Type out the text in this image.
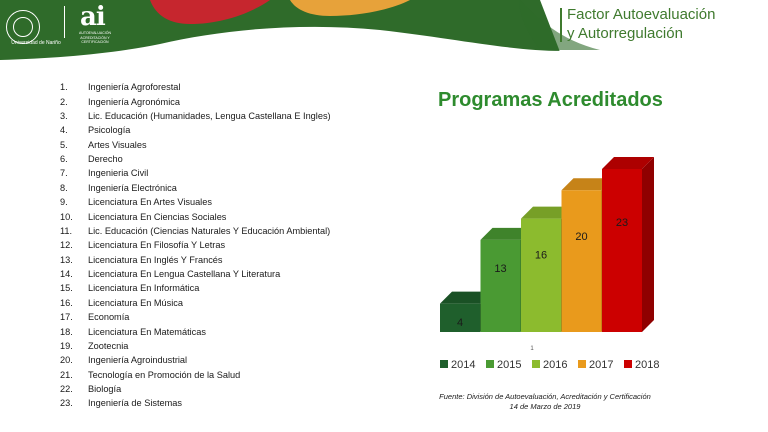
Universidad de Nariño
ai
AUTOEVALUACIÓN
ACREDITACIÓN Y CERTIFICACIÓN
Factor Autoevaluación
y Autorregulación
1.	Ingeniería Agroforestal
2.	Ingeniería Agronómica
3.	Lic. Educación (Humanidades, Lengua Castellana E Ingles)
4.	Psicología
5.	Artes Visuales
6.	Derecho
7.	Ingenieria Civil
8.	Ingeniería Electrónica
9.	Licenciatura En Artes Visuales
10.	Licenciatura En Ciencias Sociales
11.	Lic. Educación (Ciencias Naturales Y Educación Ambiental)
12.	Licenciatura En Filosofía Y Letras
13.	Licenciatura En Inglés Y Francés
14.	Licenciatura En Lengua Castellana Y Literatura
15.	Licenciatura En Informática
16.	Licenciatura En Música
17.	Economía
18.	Licenciatura En Matemáticas
19.	Zootecnia
20.	Ingeniería Agroindustrial
21.	Tecnología en Promoción de la Salud
22.	Biología
23.	Ingeniería de Sistemas
Programas Acreditados
4
13
16
20
23
1
2014 2015 2016 2017 2018
Fuente: División de Autoevaluación, Acreditación y Certificación
14 de Marzo de 2019
